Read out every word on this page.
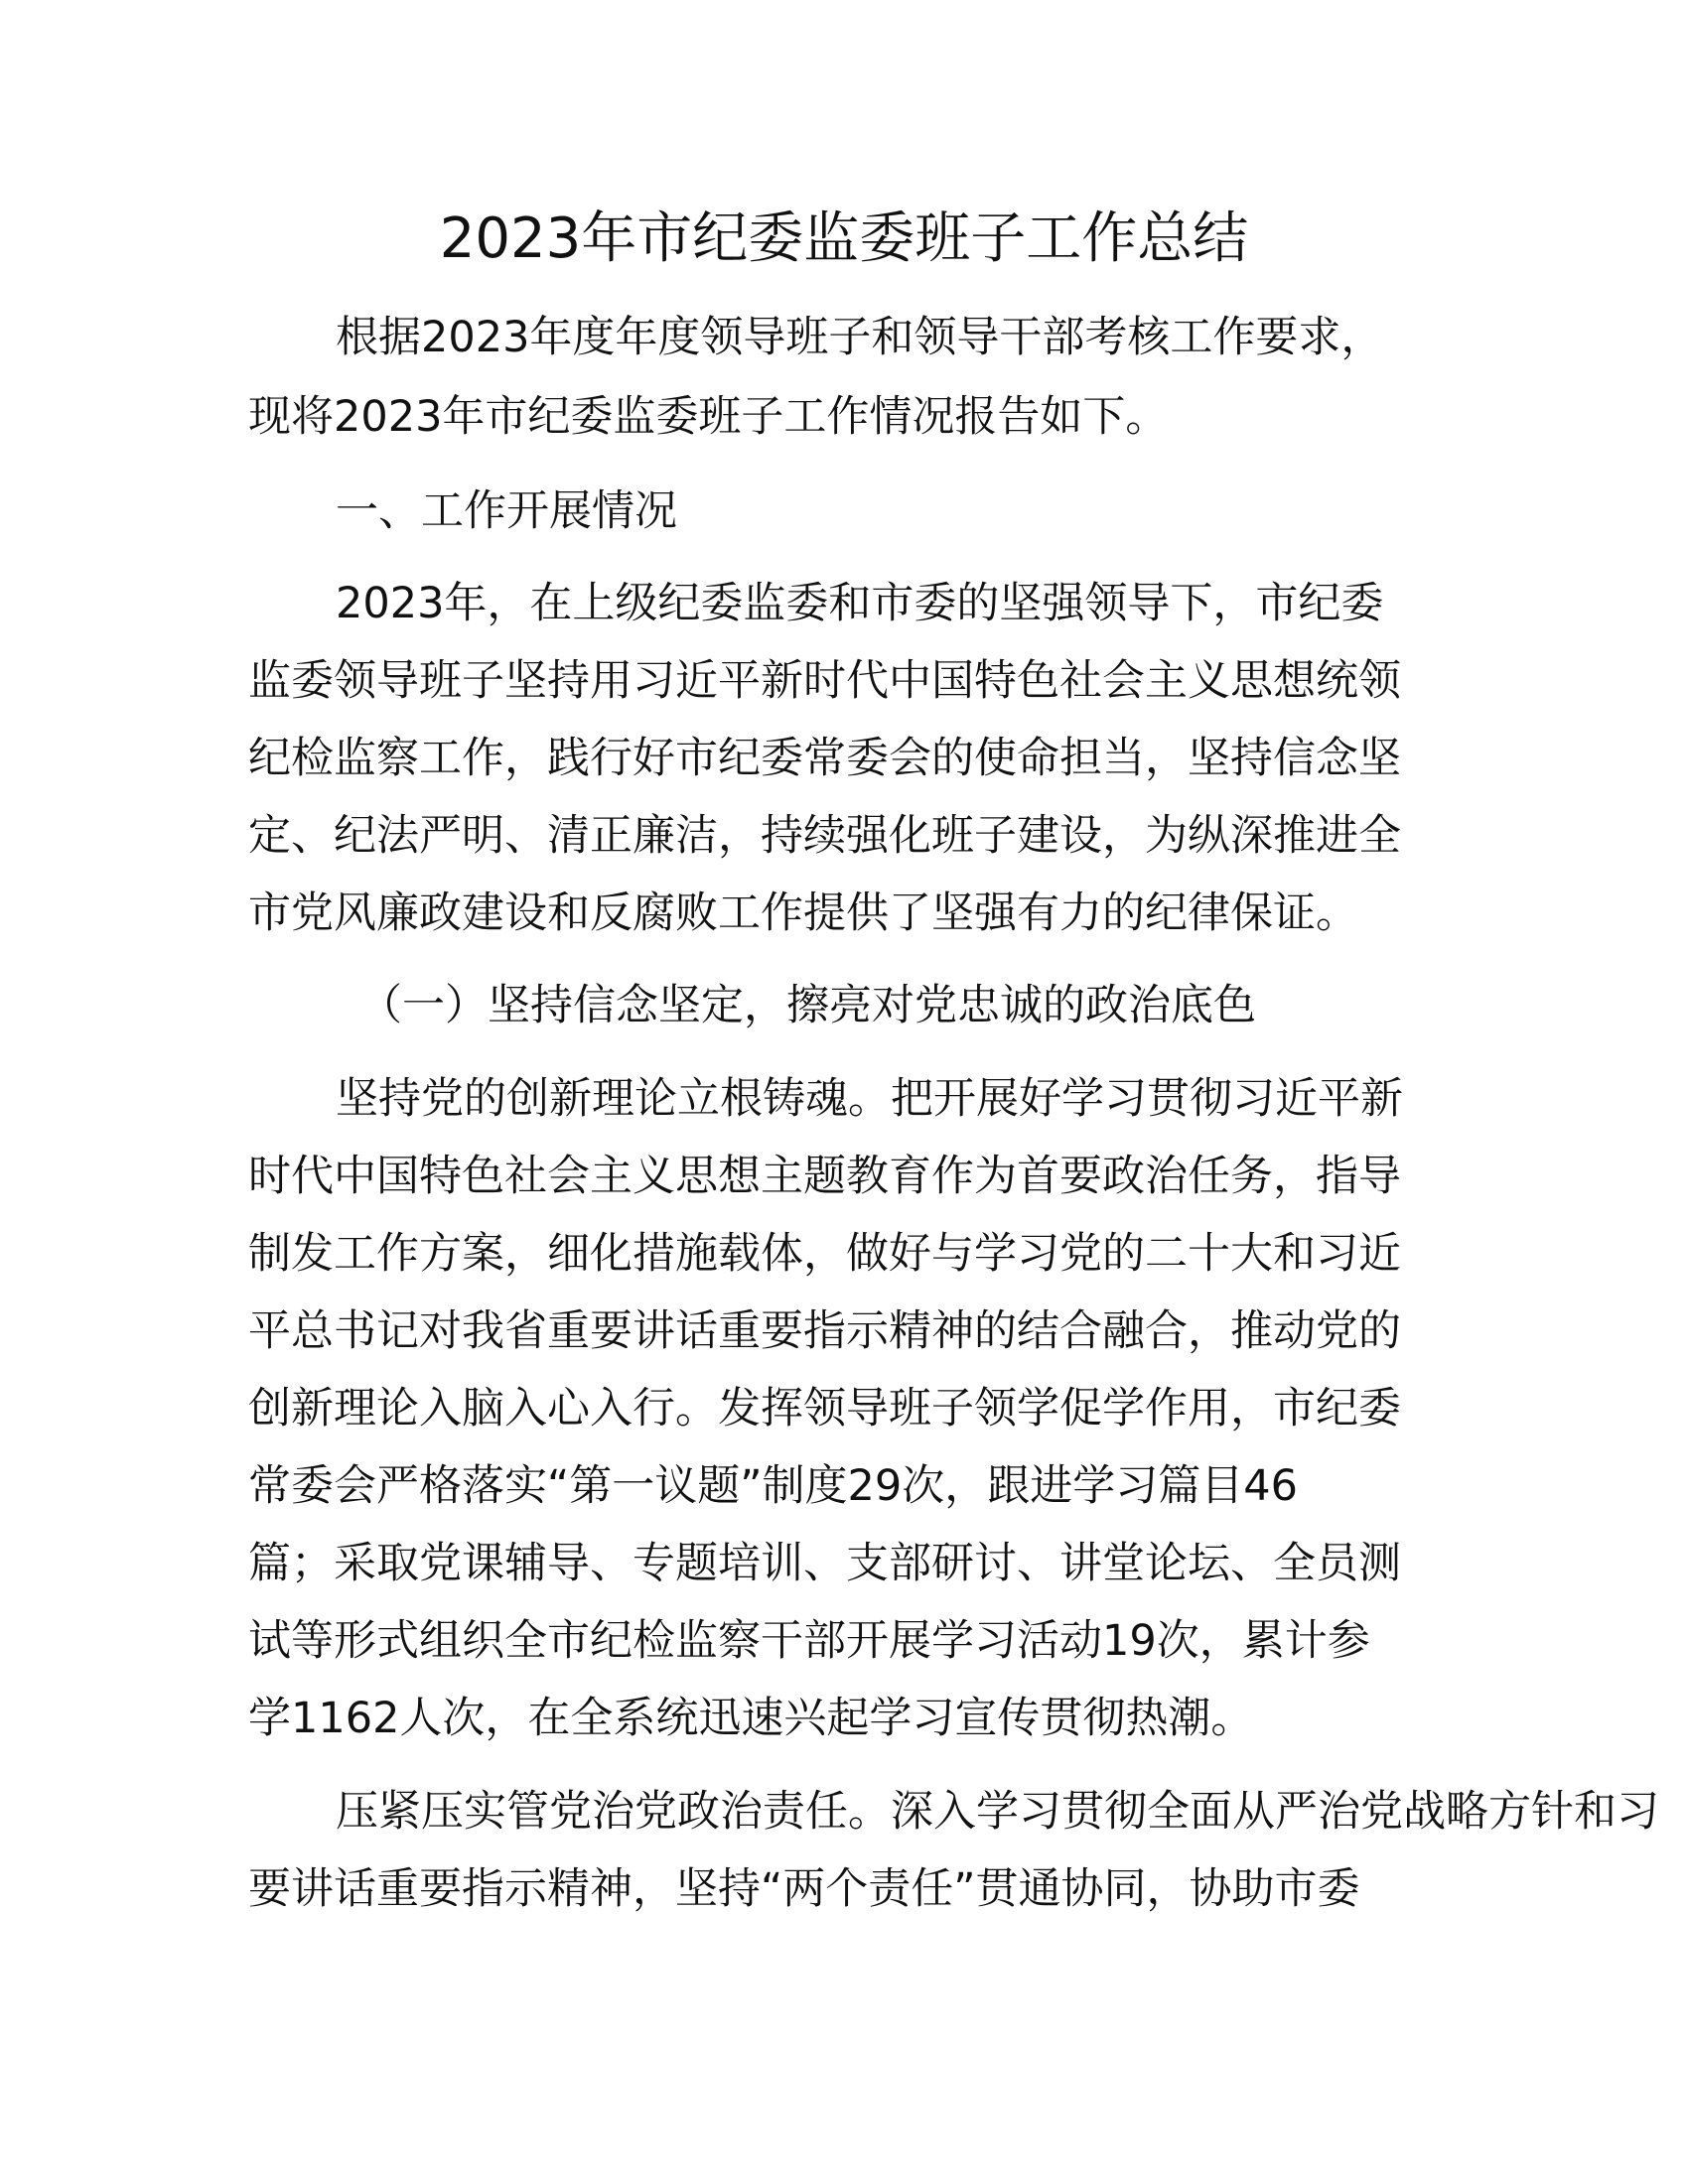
2023年市纪委监委班子工作总结

根据2023年度年度领导班子和领导干部考核工作要求，

现将2023年市纪委监委班子工作情况报告如下。

一、工作开展情况

2023年，在上级纪委监委和市委的坚强领导下，市纪委

监委领导班子坚持用习近平新时代中国特色社会主义思想统领

纪检监察工作，践行好市纪委常委会的使命担当，坚持信念坚

定、纪法严明、清正廉洁，持续强化班子建设，为纵深推进全

市党风廉政建设和反腐败工作提供了坚强有力的纪律保证。

（一）坚持信念坚定，擦亮对党忠诚的政治底色

坚持党的创新理论立根铸魂。把开展好学习贯彻习近平新

时代中国特色社会主义思想主题教育作为首要政治任务，指导

制发工作方案，细化措施载体，做好与学习党的二十大和习近

平总书记对我省重要讲话重要指示精神的结合融合，推动党的

创新理论入脑入心入行。发挥领导班子领学促学作用，市纪委

常委会严格落实“第一议题”制度29次，跟进学习篇目46

篇；采取党课辅导、专题培训、支部研讨、讲堂论坛、全员测

试等形式组织全市纪检监察干部开展学习活动19次，累计参

学1162人次，在全系统迅速兴起学习宣传贯彻热潮。

压紧压实管党治党政治责任。深入学习贯彻全面从严治党战略方针和习

要讲话重要指示精神，坚持“两个责任”贯通协同，协助市委
